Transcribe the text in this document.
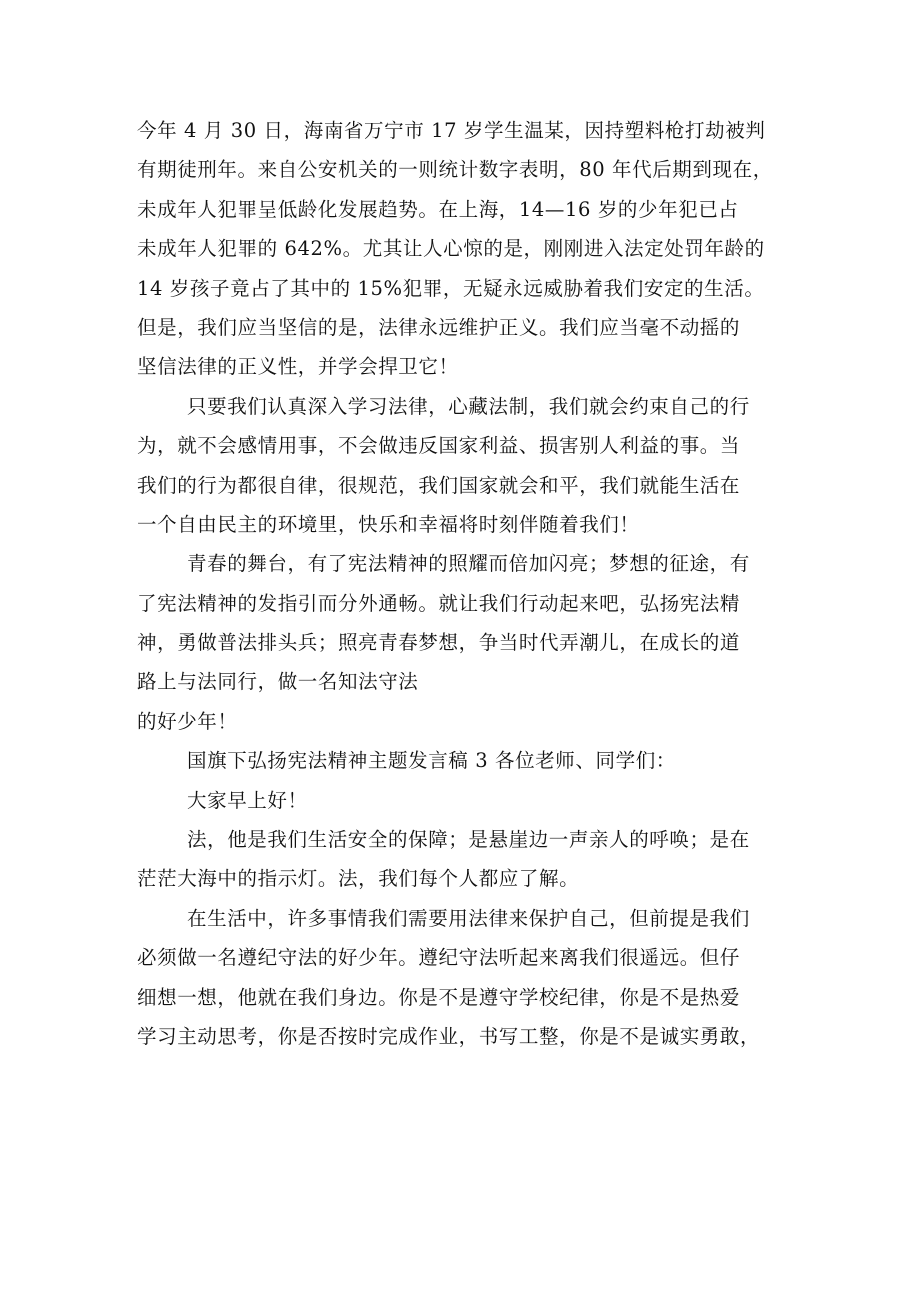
今年 4 月 30 日，海南省万宁市 17 岁学生温某，因持塑料枪打劫被判
有期徒刑年。来自公安机关的一则统计数字表明，80 年代后期到现在，
未成年人犯罪呈低龄化发展趋势。在上海，14—16 岁的少年犯已占
未成年人犯罪的 642%。尤其让人心惊的是，刚刚进入法定处罚年龄的
14 岁孩子竟占了其中的 15%犯罪，无疑永远威胁着我们安定的生活。
但是，我们应当坚信的是，法律永远维护正义。我们应当毫不动摇的
坚信法律的正义性，并学会捍卫它！
只要我们认真深入学习法律，心藏法制，我们就会约束自己的行
为，就不会感情用事，不会做违反国家利益、损害别人利益的事。当
我们的行为都很自律，很规范，我们国家就会和平，我们就能生活在
一个自由民主的环境里，快乐和幸福将时刻伴随着我们！
青春的舞台，有了宪法精神的照耀而倍加闪亮；梦想的征途，有
了宪法精神的发指引而分外通畅。就让我们行动起来吧，弘扬宪法精
神，勇做普法排头兵；照亮青春梦想，争当时代弄潮儿，在成长的道
路上与法同行，做一名知法守法
的好少年！
国旗下弘扬宪法精神主题发言稿 3 各位老师、同学们：
大家早上好！
法，他是我们生活安全的保障；是悬崖边一声亲人的呼唤；是在
茫茫大海中的指示灯。法，我们每个人都应了解。
在生活中，许多事情我们需要用法律来保护自己，但前提是我们
必须做一名遵纪守法的好少年。遵纪守法听起来离我们很遥远。但仔
细想一想，他就在我们身边。你是不是遵守学校纪律，你是不是热爱
学习主动思考，你是否按时完成作业，书写工整，你是不是诚实勇敢，
